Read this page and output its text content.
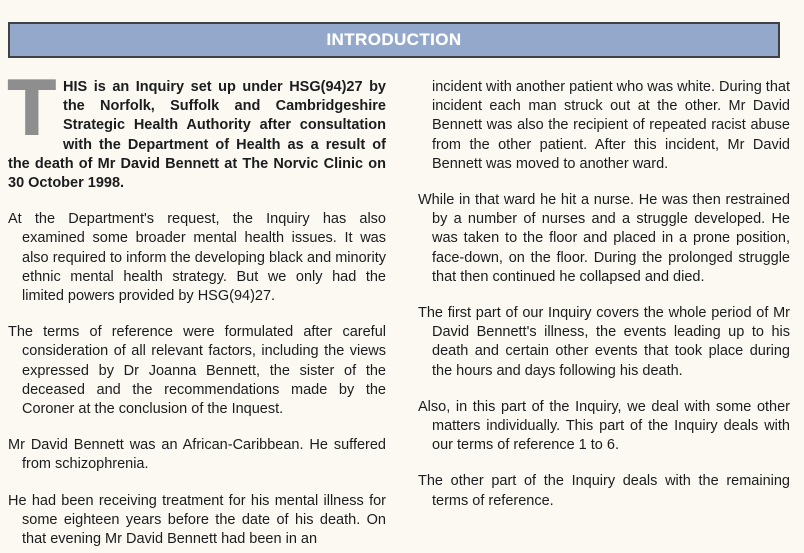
INTRODUCTION

THIS is an Inquiry set up under HSG(94)27 by the Norfolk, Suffolk and Cambridgeshire Strategic Health Authority after consultation with the Department of Health as a result of the death of Mr David Bennett at The Norvic Clinic on 30 October 1998.

At the Department's request, the Inquiry has also examined some broader mental health issues. It was also required to inform the developing black and minority ethnic mental health strategy. But we only had the limited powers provided by HSG(94)27.

The terms of reference were formulated after careful consideration of all relevant factors, including the views expressed by Dr Joanna Bennett, the sister of the deceased and the recommendations made by the Coroner at the conclusion of the Inquest.

Mr David Bennett was an African-Caribbean. He suffered from schizophrenia.

He had been receiving treatment for his mental illness for some eighteen years before the date of his death. On that evening Mr David Bennett had been in an

incident with another patient who was white. During that incident each man struck out at the other. Mr David Bennett was also the recipient of repeated racist abuse from the other patient. After this incident, Mr David Bennett was moved to another ward.

While in that ward he hit a nurse. He was then restrained by a number of nurses and a struggle developed. He was taken to the floor and placed in a prone position, face-down, on the floor. During the prolonged struggle that then continued he collapsed and died.

The first part of our Inquiry covers the whole period of Mr David Bennett's illness, the events leading up to his death and certain other events that took place during the hours and days following his death.

Also, in this part of the Inquiry, we deal with some other matters individually. This part of the Inquiry deals with our terms of reference 1 to 6.

The other part of the Inquiry deals with the remaining terms of reference.
